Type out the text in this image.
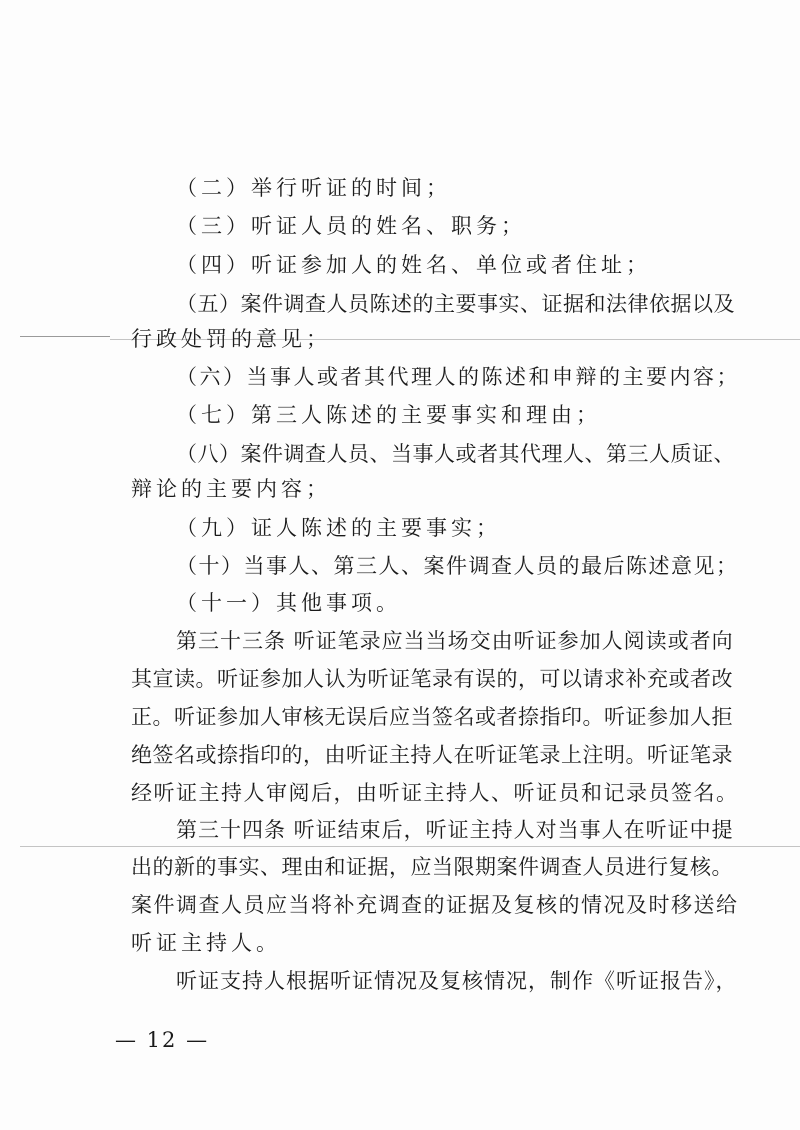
（二）举行听证的时间；
（三）听证人员的姓名、职务；
（四）听证参加人的姓名、单位或者住址；
（五）案件调查人员陈述的主要事实、证据和法律依据以及
行政处罚的意见；
（六）当事人或者其代理人的陈述和申辩的主要内容；
（七）第三人陈述的主要事实和理由；
（八）案件调查人员、当事人或者其代理人、第三人质证、
辩论的主要内容；
（九）证人陈述的主要事实；
（十）当事人、第三人、案件调查人员的最后陈述意见；
（十一）其他事项。
第三十三条 听证笔录应当当场交由听证参加人阅读或者向
其宣读。听证参加人认为听证笔录有误的，可以请求补充或者改
正。听证参加人审核无误后应当签名或者捺指印。听证参加人拒
绝签名或捺指印的，由听证主持人在听证笔录上注明。听证笔录
经听证主持人审阅后，由听证主持人、听证员和记录员签名。
第三十四条 听证结束后，听证主持人对当事人在听证中提
出的新的事实、理由和证据，应当限期案件调查人员进行复核。
案件调查人员应当将补充调查的证据及复核的情况及时移送给
听证主持人。
听证支持人根据听证情况及复核情况，制作《听证报告》，
— 12 —
